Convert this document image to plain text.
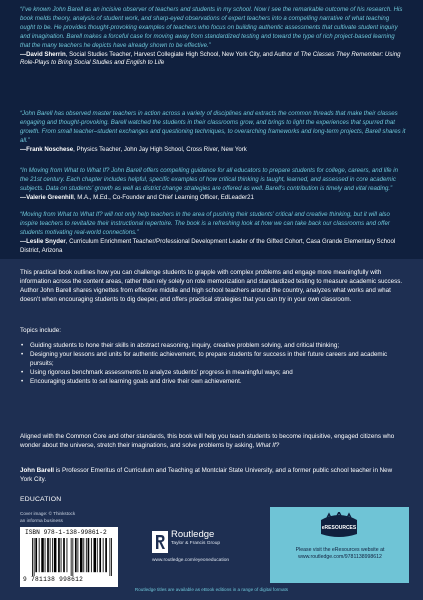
“I’ve known John Barell as an incisive observer of teachers and students in my school. Now I see the remarkable outcome of his research. His book melds theory, analysis of student work, and sharp-eyed observations of expert teachers into a compelling narrative of what teaching ought to be. He provides thought-provoking examples of teachers who focus on building authentic assessments that cultivate student inquiry and imagination. Barell makes a forceful case for moving away from standardized testing and toward the type of rich project-based learning that the many teachers he depicts have already shown to be effective.”
—David Sherrin, Social Studies Teacher, Harvest Collegiate High School, New York City, and Author of The Classes They Remember: Using Role-Plays to Bring Social Studies and English to Life
“John Barell has observed master teachers in action across a variety of disciplines and extracts the common threads that make their classes engaging and thought-provoking. Barell watched the students in their classrooms grow, and brings to light the experiences that spurred that growth. From small teacher–student exchanges and questioning techniques, to overarching frameworks and long-term projects, Barell shares it all.”
—Frank Noschese, Physics Teacher, John Jay High School, Cross River, New York
“In Moving from What to What If? John Barell offers compelling guidance for all educators to prepare students for college, careers, and life in the 21st century. Each chapter includes helpful, specific examples of how critical thinking is taught, learned, and assessed in core academic subjects. Data on students’ growth as well as district change strategies are offered as well. Barell’s contribution is timely and vital reading.”
—Valerie Greenhill, M.A., M.Ed., Co-Founder and Chief Learning Officer, EdLeader21
“Moving from What to What If? will not only help teachers in the area of pushing their students’ critical and creative thinking, but it will also inspire teachers to revitalize their instructional repertoire. The book is a refreshing look at how we can take back our classrooms and offer students motivating real-world connections.”
—Leslie Snyder, Curriculum Enrichment Teacher/Professional Development Leader of the Gifted Cohort, Casa Grande Elementary School District, Arizona
This practical book outlines how you can challenge students to grapple with complex problems and engage more meaningfully with information across the content areas, rather than rely solely on rote memorization and standardized testing to measure academic success. Author John Barell shares vignettes from effective middle and high school teachers around the country, analyzes what works and what doesn’t when encouraging students to dig deeper, and offers practical strategies that you can try in your own classroom.
Topics include:
• Guiding students to hone their skills in abstract reasoning, inquiry, creative problem solving, and critical thinking;
• Designing your lessons and units for authentic achievement, to prepare students for success in their future careers and academic pursuits;
• Using rigorous benchmark assessments to analyze students’ progress in meaningful ways; and
• Encouraging students to set learning goals and drive their own achievement.
Aligned with the Common Core and other standards, this book will help you teach students to become inquisitive, engaged citizens who wonder about the universe, stretch their imaginations, and solve problems by asking, What If?
John Barell is Professor Emeritus of Curriculum and Teaching at Montclair State University, and a former public school teacher in New York City.
EDUCATION
Cover image: © Thinkstock
an informa business
ISBN 978-1-138-99861-2
9 781138 998612
Routledge
Taylor & Francis Group
www.routledge.com/eyeoneducation
eRESOURCES
Please visit the eResources website at
www.routledge.com/9781138998612
Routledge titles are available as eBook editions in a range of digital formats
